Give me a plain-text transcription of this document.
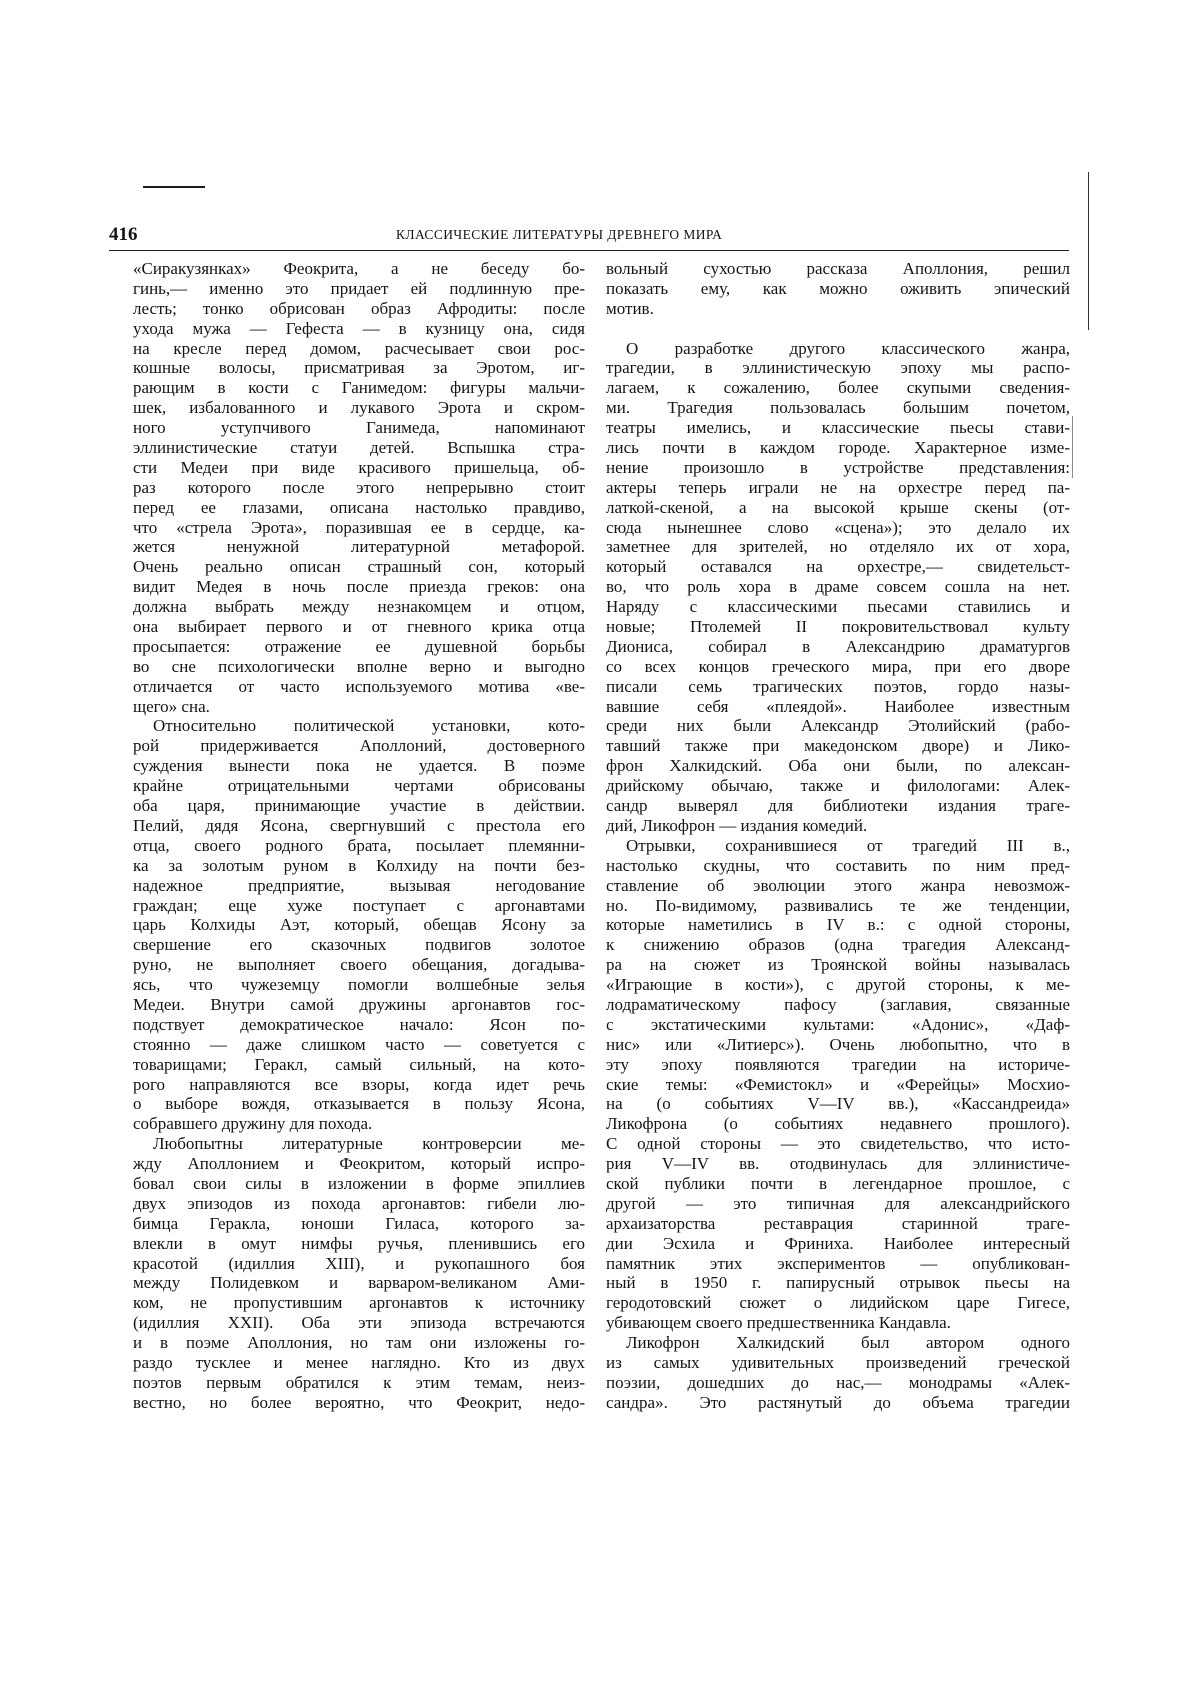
416	КЛАССИЧЕСКИЕ ЛИТЕРАТУРЫ ДРЕВНЕГО МИРА
«Сиракузянках» Феокрита, а не беседу бо-
гинь,— именно это придает ей подлинную пре-
лесть; тонко обрисован образ Афродиты: после
ухода мужа — Гефеста — в кузницу она, сидя
на кресле перед домом, расчесывает свои рос-
кошные волосы, присматривая за Эротом, иг-
рающим в кости с Ганимедом: фигуры мальчи-
шек, избалованного и лукавого Эрота и скром-
ного уступчивого Ганимеда, напоминают
эллинистические статуи детей. Вспышка стра-
сти Медеи при виде красивого пришельца, об-
раз которого после этого непрерывно стоит
перед ее глазами, описана настолько правдиво,
что «стрела Эрота», поразившая ее в сердце, ка-
жется ненужной литературной метафорой.
Очень реально описан страшный сон, который
видит Медея в ночь после приезда греков: она
должна выбрать между незнакомцем и отцом,
она выбирает первого и от гневного крика отца
просыпается: отражение ее душевной борьбы
во сне психологически вполне верно и выгодно
отличается от часто используемого мотива «ве-
щего» сна.
Относительно политической установки, кото-
рой придерживается Аполлоний, достоверного
суждения вынести пока не удается. В поэме
крайне отрицательными чертами обрисованы
оба царя, принимающие участие в действии.
Пелий, дядя Ясона, свергнувший с престола его
отца, своего родного брата, посылает племянни-
ка за золотым руном в Колхиду на почти без-
надежное предприятие, вызывая негодование
граждан; еще хуже поступает с аргонавтами
царь Колхиды Аэт, который, обещав Ясону за
свершение его сказочных подвигов золотое
руно, не выполняет своего обещания, догадыва-
ясь, что чужеземцу помогли волшебные зелья
Медеи. Внутри самой дружины аргонавтов гос-
подствует демократическое начало: Ясон по-
стоянно — даже слишком часто — советуется с
товарищами; Геракл, самый сильный, на кото-
рого направляются все взоры, когда идет речь
о выборе вождя, отказывается в пользу Ясона,
собравшего дружину для похода.
Любопытны литературные контроверсии ме-
жду Аполлонием и Феокритом, который испро-
бовал свои силы в изложении в форме эпиллиев
двух эпизодов из похода аргонавтов: гибели лю-
бимца Геракла, юноши Гиласа, которого за-
влекли в омут нимфы ручья, пленившись его
красотой (идиллия XIII), и рукопашного боя
между Полидевком и варваром-великаном Ами-
ком, не пропустившим аргонавтов к источнику
(идиллия XXII). Оба эти эпизода встречаются
и в поэме Аполлония, но там они изложены го-
раздо тусклее и менее наглядно. Кто из двух
поэтов первым обратился к этим темам, неиз-
вестно, но более вероятно, что Феокрит, недо-
вольный сухостью рассказа Аполлония, решил
показать ему, как можно оживить эпический
мотив.
О разработке другого классического жанра,
трагедии, в эллинистическую эпоху мы распо-
лагаем, к сожалению, более скупыми сведения-
ми. Трагедия пользовалась большим почетом,
театры имелись, и классические пьесы стави-
лись почти в каждом городе. Характерное изме-
нение произошло в устройстве представления:
актеры теперь играли не на орхестре перед па-
латкой-скеной, а на высокой крыше скены (от-
сюда нынешнее слово «сцена»); это делало их
заметнее для зрителей, но отделяло их от хора,
который оставался на орхестре,— свидетельст-
во, что роль хора в драме совсем сошла на нет.
Наряду с классическими пьесами ставились и
новые; Птолемей II покровительствовал культу
Диониса, собирал в Александрию драматургов
со всех концов греческого мира, при его дворе
писали семь трагических поэтов, гордо назы-
вавшие себя «плеядой». Наиболее известным
среди них были Александр Этолийский (рабо-
тавший также при македонском дворе) и Лико-
фрон Халкидский. Оба они были, по алексан-
дрийскому обычаю, также и филологами: Алек-
сандр выверял для библиотеки издания траге-
дий, Ликофрон — издания комедий.
Отрывки, сохранившиеся от трагедий III в.,
настолько скудны, что составить по ним пред-
ставление об эволюции этого жанра невозмож-
но. По-видимому, развивались те же тенденции,
которые наметились в IV в.: с одной стороны,
к снижению образов (одна трагедия Александ-
ра на сюжет из Троянской войны называлась
«Играющие в кости»), с другой стороны, к ме-
лодраматическому пафосу (заглавия, связанные
с экстатическими культами: «Адонис», «Даф-
нис» или «Литиерс»). Очень любопытно, что в
эту эпоху появляются трагедии на историче-
ские темы: «Фемистокл» и «Ферейцы» Мосхио-
на (о событиях V—IV вв.), «Кассандреида»
Ликофрона (о событиях недавнего прошлого).
С одной стороны — это свидетельство, что исто-
рия V—IV вв. отодвинулась для эллинистиче-
ской публики почти в легендарное прошлое, с
другой — это типичная для александрийского
архаизаторства реставрация старинной траге-
дии Эсхила и Фриниха. Наиболее интересный
памятник этих экспериментов — опубликован-
ный в 1950 г. папирусный отрывок пьесы на
геродотовский сюжет о лидийском царе Гигесе,
убивающем своего предшественника Кандавла.
Ликофрон Халкидский был автором одного
из самых удивительных произведений греческой
поэзии, дошедших до нас,— монодрамы «Алек-
сандра». Это растянутый до объема трагедии
